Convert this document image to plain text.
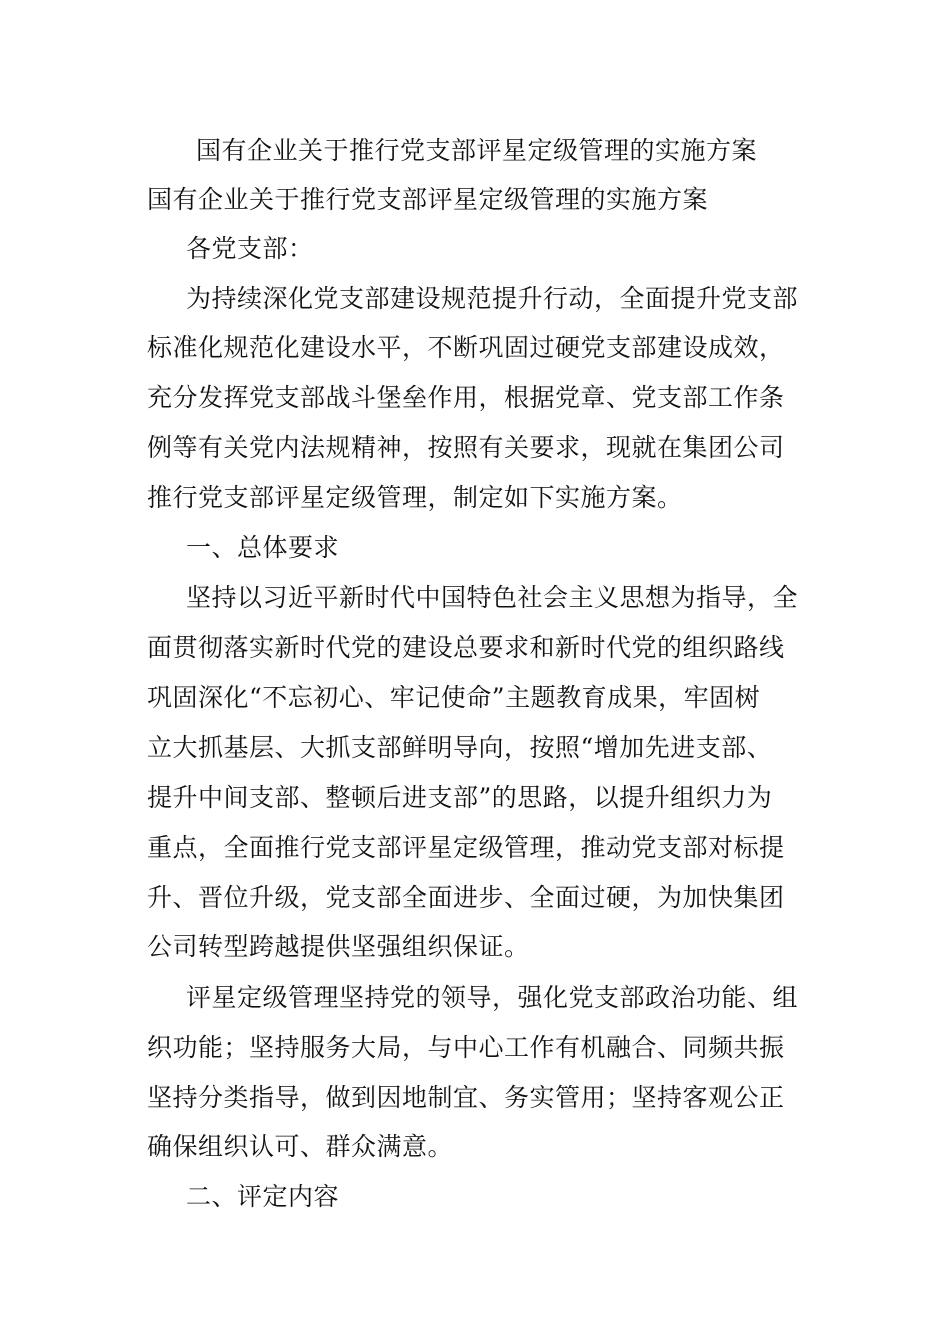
国有企业关于推行党支部评星定级管理的实施方案
国有企业关于推行党支部评星定级管理的实施方案
各党支部：
为持续深化党支部建设规范提升行动，全面提升党支部
标准化规范化建设水平，不断巩固过硬党支部建设成效，
充分发挥党支部战斗堡垒作用，根据党章、党支部工作条
例等有关党内法规精神，按照有关要求，现就在集团公司
推行党支部评星定级管理，制定如下实施方案。
一、总体要求
坚持以习近平新时代中国特色社会主义思想为指导，全
面贯彻落实新时代党的建设总要求和新时代党的组织路线
巩固深化“不忘初心、牢记使命”主题教育成果，牢固树
立大抓基层、大抓支部鲜明导向，按照“增加先进支部、
提升中间支部、整顿后进支部”的思路，以提升组织力为
重点，全面推行党支部评星定级管理，推动党支部对标提
升、晋位升级，党支部全面进步、全面过硬，为加快集团
公司转型跨越提供坚强组织保证。
评星定级管理坚持党的领导，强化党支部政治功能、组
织功能；坚持服务大局，与中心工作有机融合、同频共振
坚持分类指导，做到因地制宜、务实管用；坚持客观公正
确保组织认可、群众满意。
二、评定内容
